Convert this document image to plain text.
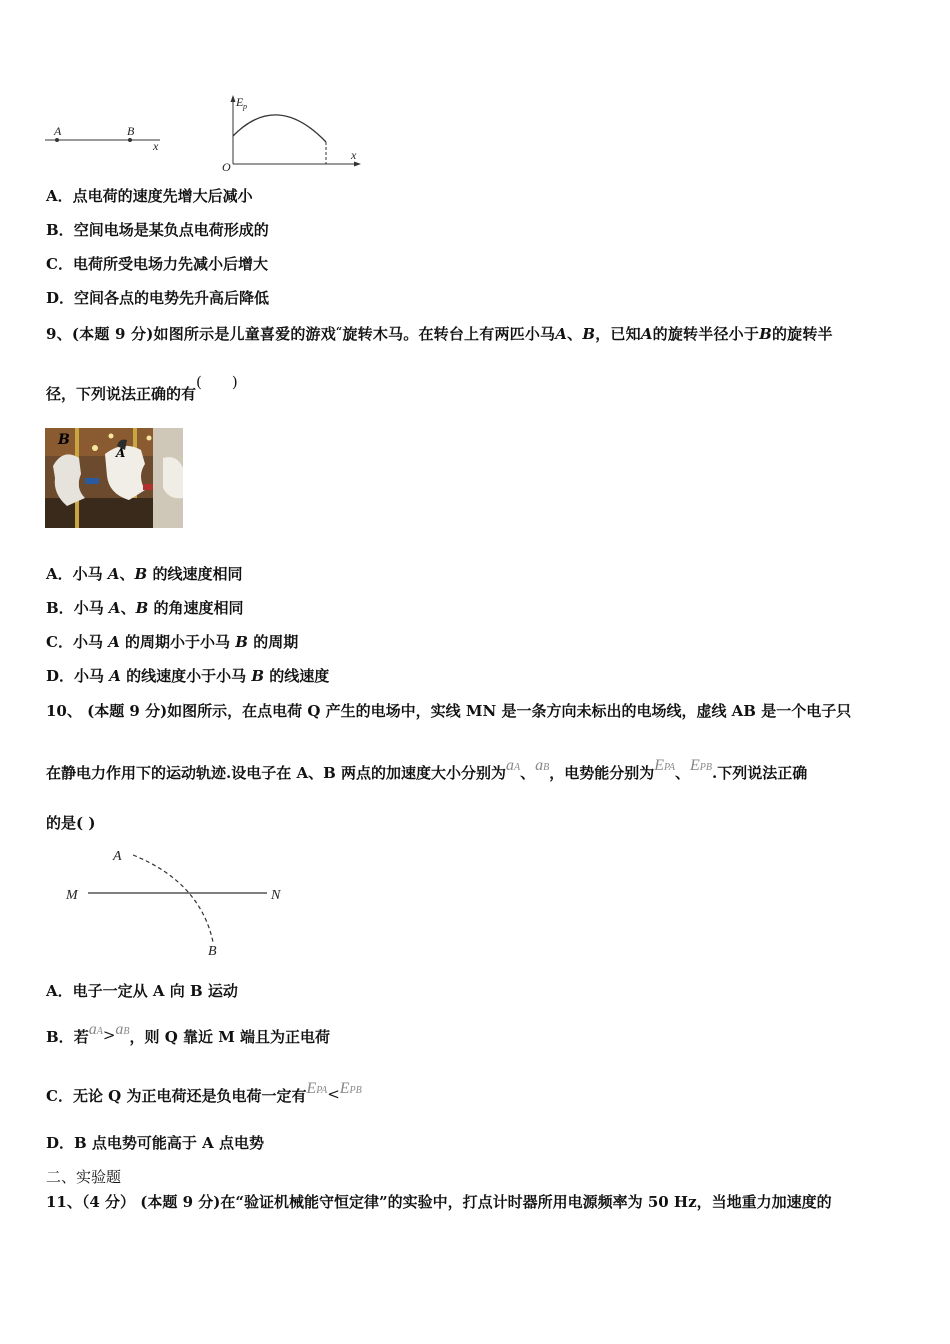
A	B
x
E p
O
x
A．点电荷的速度先增大后减小
B．空间电场是某负点电荷形成的
C．电荷所受电场力先减小后增大
D．空间各点的电势先升高后降低
9、(本题 9 分)如图所示是儿童喜爱的游戏“旋转木马。在转台上有两匹小马A、B，已知A的旋转半径小于B的旋转半
径，下列说法正确的有(　　)
B
A
A．小马 A、B 的线速度相同
B．小马 A、B 的角速度相同
C．小马 A 的周期小于小马 B 的周期
D．小马 A 的线速度小于小马 B 的线速度
10、 (本题 9 分)如图所示，在点电荷 Q 产生的电场中，实线 MN 是一条方向未标出的电场线，虚线 AB 是一个电子只
在静电力作用下的运动轨迹.设电子在 A、B 两点的加速度大小分别为aA、aB，电势能分别为EPA、EPB.下列说法正确
的是( )
A
B
M	N
A．电子一定从 A 向 B 运动
B．若aA>aB，则 Q 靠近 M 端且为正电荷
C．无论 Q 为正电荷还是负电荷一定有EPA<EPB
D．B 点电势可能高于 A 点电势
二、实验题
11、（4 分） (本题 9 分)在“验证机械能守恒定律”的实验中，打点计时器所用电源频率为 50 Hz，当地重力加速度的
